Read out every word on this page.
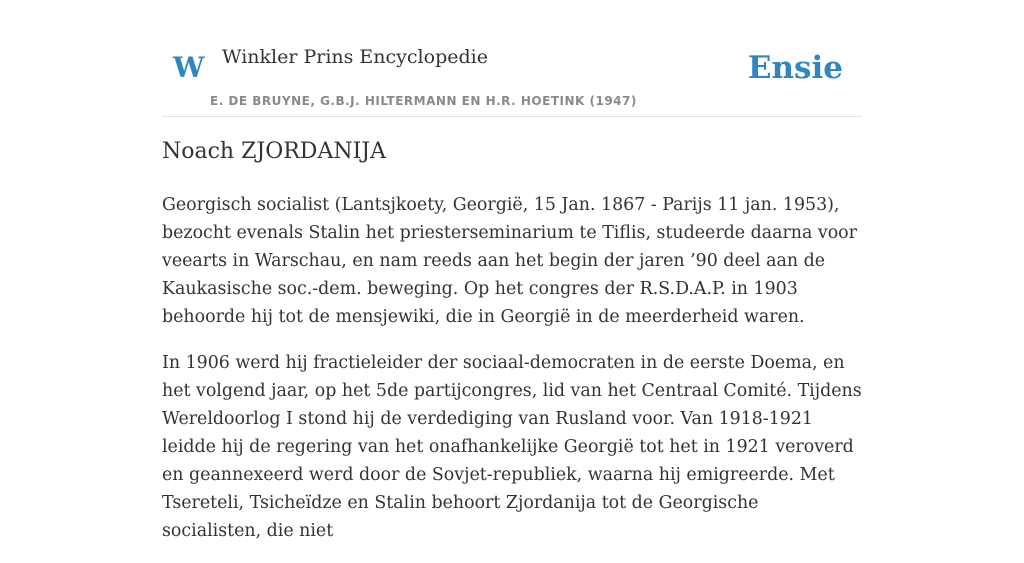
W Winkler Prins Encyclopedie
E. DE BRUYNE, G.B.J. HILTERMANN EN H.R. HOETINK (1947)
Ensie
Noach ZJORDANIJA

Georgisch socialist (Lantsjkoety, Georgië, 15 Jan. 1867 - Parijs 11 jan. 1953), bezocht evenals Stalin het priesterseminarium te Tiflis, studeerde daarna voor veearts in Warschau, en nam reeds aan het begin der jaren ’90 deel aan de Kaukasische soc.-dem. beweging. Op het congres der R.S.D.A.P. in 1903 behoorde hij tot de mensjewiki, die in Georgië in de meerderheid waren.

In 1906 werd hij fractieleider der sociaal-democraten in de eerste Doema, en het volgend jaar, op het 5de partijcongres, lid van het Centraal Comité. Tijdens Wereldoorlog I stond hij de verdediging van Rusland voor. Van 1918-1921 leidde hij de regering van het onafhankelijke Georgië tot het in 1921 veroverd en geannexeerd werd door de Sovjet-republiek, waarna hij emigreerde. Met Tsereteli, Tsicheïdze en Stalin behoort Zjordanija tot de Georgische socialisten, die niet
